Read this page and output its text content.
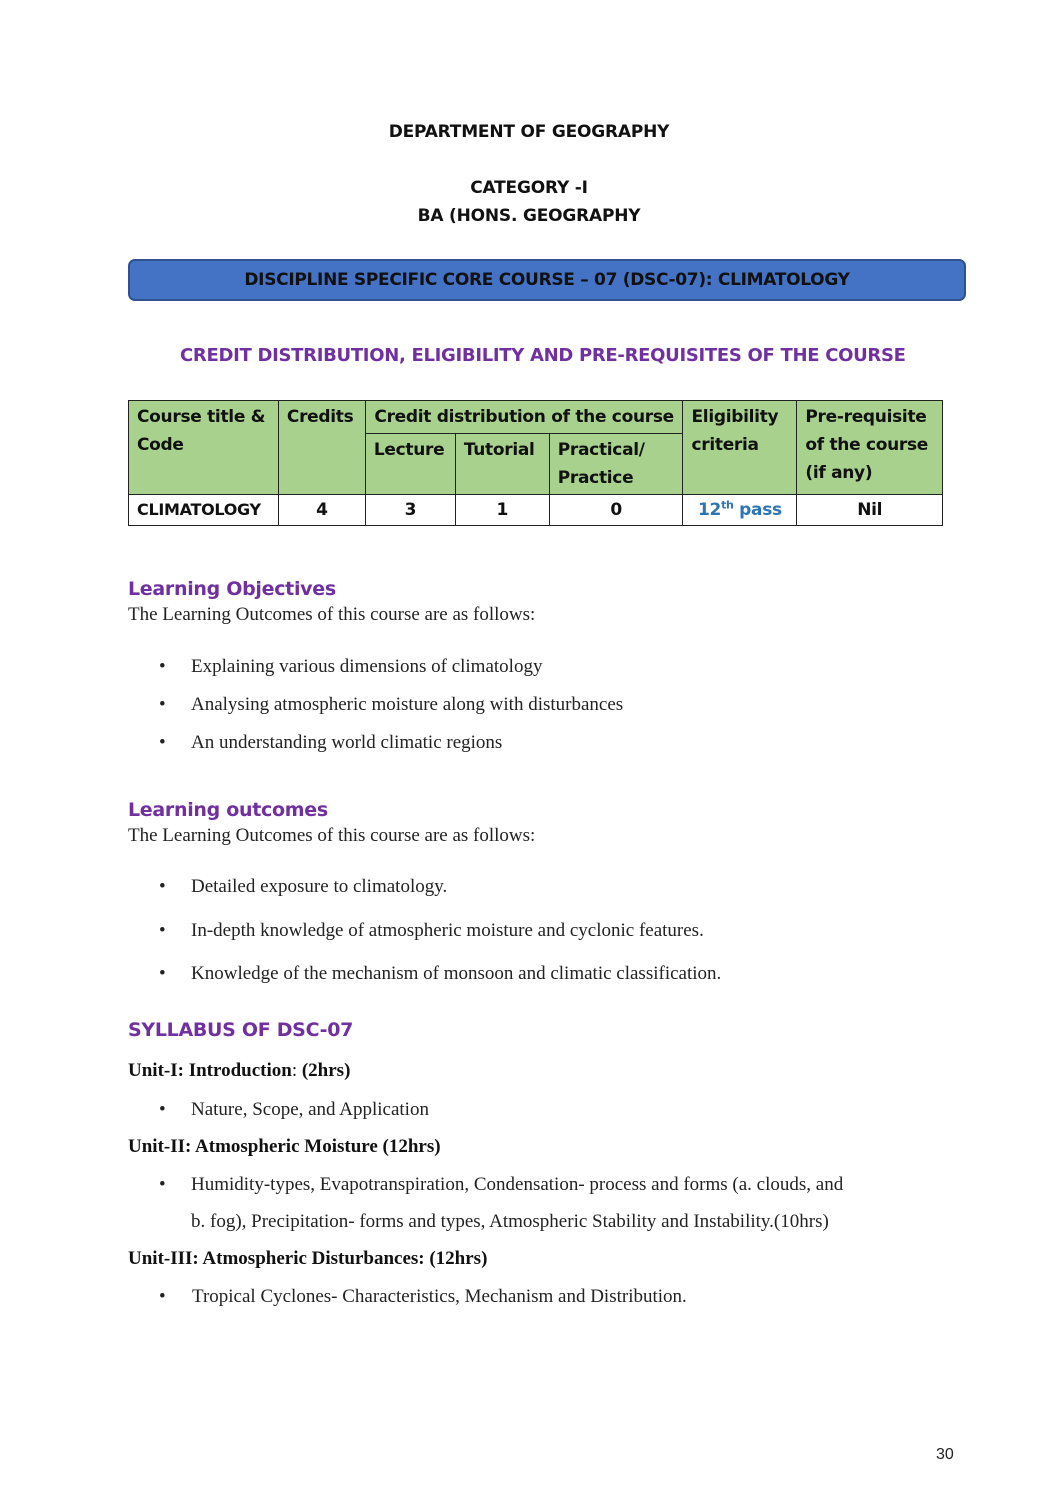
DEPARTMENT OF GEOGRAPHY
CATEGORY -I
BA (HONS. GEOGRAPHY
DISCIPLINE SPECIFIC CORE COURSE – 07 (DSC-07): CLIMATOLOGY
CREDIT DISTRIBUTION, ELIGIBILITY AND PRE-REQUISITES OF THE COURSE
Course title & Code	Credits	Credit distribution of the course			Eligibility criteria	Pre-requisite of the course (if any)
		Lecture	Tutorial	Practical/ Practice		
CLIMATOLOGY	4	3	1	0	12th pass	Nil
Learning Objectives
The Learning Outcomes of this course are as follows:
• Explaining various dimensions of climatology
• Analysing atmospheric moisture along with disturbances
• An understanding world climatic regions
Learning outcomes
The Learning Outcomes of this course are as follows:
• Detailed exposure to climatology.
• In-depth knowledge of atmospheric moisture and cyclonic features.
• Knowledge of the mechanism of monsoon and climatic classification.
SYLLABUS OF DSC-07
Unit-I: Introduction: (2hrs)
• Nature, Scope, and Application
Unit-II: Atmospheric Moisture (12hrs)
• Humidity-types, Evapotranspiration, Condensation- process and forms (a. clouds, and
b. fog), Precipitation- forms and types, Atmospheric Stability and Instability.(10hrs)
Unit-III: Atmospheric Disturbances: (12hrs)
• Tropical Cyclones- Characteristics, Mechanism and Distribution.
30
